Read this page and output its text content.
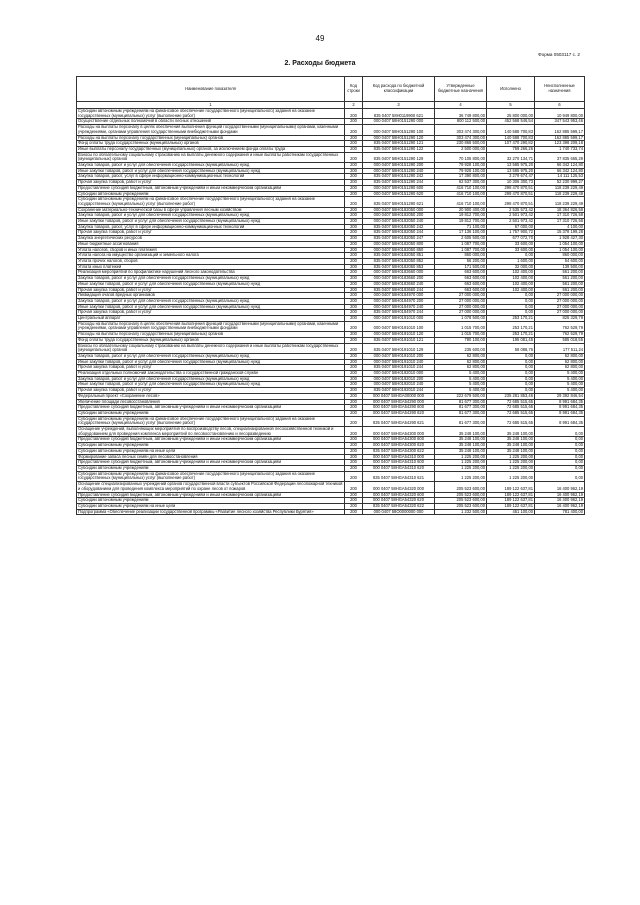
49
Форма 0503117 с. 2
2. Расходы бюджета
Наименование показателя	Код строки	Код расхода по бюджетной классификации	Утвержденные бюджетные назначения	Исполнено	Неисполненные назначения
1	2	3	4	5	6
Субсидии автономным учреждениям на финансовое обеспечение государственного (муниципального) задания на оказание государственных (муниципальных) услуг (выполнение работ)	200	835 0407 58Н0119900 621	36 749 800,00	25 800 000,00	10 949 800,00
Осуществление отдельных полномочий в области лесных отношений	200	000 0407 58Н0151290 000	800 112 500,00	452 568 546,54	347 543 953,46
Расходы на выплаты персоналу в целях обеспечения выполнения функций государственными (муниципальными) органами, казенными учреждениями, органами управления государственными внебюджетными фондами	200	000 0407 58Н0151290 100	303 474 300,00	140 588 700,83	162 885 599,17
Расходы на выплаты персоналу государственных (муниципальных) органов	200	000 0407 58Н0151290 120	303 474 300,00	140 588 700,83	162 885 599,17
Фонд оплаты труда государственных (муниципальных) органов	200	835 0407 58Н0151290 121	230 868 500,00	107 470 290,82	123 398 209,18
Иные выплаты персоналу государственных (муниципальных) органов, за исключением фонда оплаты труда	200	835 0407 58Н0151290 122	2 500 000,00	759 266,26	1 740 733,74
Взносы по обязательному социальному страхованию на выплаты денежного содержания и иные выплаты работникам государственных (муниципальных) органов	200	835 0407 58Н0151290 129	70 105 800,00	32 270 134,71	37 835 665,29
Закупка товаров, работ и услуг для обеспечения государственных (муниципальных) нужд	200	000 0407 58Н0151290 200	79 928 100,00	13 585 975,20	66 342 124,80
Иные закупки товаров, работ и услуг для обеспечения государственных (муниципальных) нужд	200	000 0407 58Н0151290 240	79 928 100,00	13 585 975,20	66 342 124,80
Закупка товаров, работ, услуг в сфере информационно-коммуникационных технологий	200	835 0407 58Н0151290 242	17 390 800,00	3 279 674,47	14 111 125,53
Прочая закупка товаров, работ и услуг	200	835 0407 58Н0151290 244	62 537 300,00	10 306 300,73	52 230 999,27
Предоставление субсидий бюджетным, автономным учреждениям и иным некоммерческим организациям	200	000 0407 58Н0151290 600	416 710 100,00	298 470 870,51	118 239 229,49
Субсидии автономным учреждениям	200	000 0407 58Н0151290 620	416 710 100,00	298 470 870,51	118 239 229,49
Субсидии автономным учреждениям на финансовое обеспечение государственного (муниципального) задания на оказание государственных (муниципальных) услуг (выполнение работ)	200	835 0407 58Н0151290 621	416 710 100,00	298 470 870,51	118 239 229,49
Сохранение материально-технической базы в сфере управления лесным хозяйством	200	000 0407 58Н0182050 000	20 900 400,00	2 535 573,42	18 364 826,58
Закупка товаров, работ и услуг для обеспечения государственных (муниципальных) нужд	200	000 0407 58Н0182050 200	19 812 700,00	2 501 973,42	17 310 726,58
Иные закупки товаров, работ и услуг для обеспечения государственных (муниципальных) нужд	200	000 0407 58Н0182050 240	19 812 700,00	2 501 973,42	17 310 726,58
Закупка товаров, работ, услуг в сфере информационно-коммуникационных технологий	200	835 0407 58Н0182050 242	71 100,00	67 000,00	4 100,00
Прочая закупка товаров, работ и услуг	200	835 0407 58Н0182050 244	17 136 100,00	1 757 900,72	15 378 199,28
Закупка энергетических ресурсов	200	835 0407 58Н0182050 247	2 605 500,00	677 072,70	1 928 427,30
Иные бюджетные ассигнования	200	000 0407 58Н0182050 800	1 087 700,00	33 600,00	1 054 100,00
Уплата налогов, сборов и иных платежей	200	000 0407 58Н0182050 850	1 087 700,00	33 600,00	1 054 100,00
Уплата налога на имущество организаций и земельного налога	200	835 0407 58Н0182050 851	860 000,00	0,00	860 000,00
Уплата прочих налогов, сборов	200	835 0407 58Н0182050 852	56 200,00	1 600,00	54 600,00
Уплата иных платежей	200	835 0407 58Н0182050 853	171 500,00	32 000,00	139 500,00
Реализация мероприятий по профилактике нарушений лесного законодательства	200	000 0407 58Н0183660 000	663 600,00	102 400,00	561 200,00
Закупка товаров, работ и услуг для обеспечения государственных (муниципальных) нужд	200	000 0407 58Н0183660 200	663 600,00	102 400,00	561 200,00
Иные закупки товаров, работ и услуг для обеспечения государственных (муниципальных) нужд	200	000 0407 58Н0183660 240	663 600,00	102 400,00	561 200,00
Прочая закупка товаров, работ и услуг	200	835 0407 58Н0183660 244	663 600,00	102 400,00	561 200,00
Ликвидация очагов вредных организмов	200	000 0407 58Н0184970 000	27 000 000,00	0,00	27 000 000,00
Закупка товаров, работ и услуг для обеспечения государственных (муниципальных) нужд	200	000 0407 58Н0184970 200	27 000 000,00	0,00	27 000 000,00
Иные закупки товаров, работ и услуг для обеспечения государственных (муниципальных) нужд	200	000 0407 58Н0184970 240	27 000 000,00	0,00	27 000 000,00
Прочая закупка товаров, работ и услуг	200	835 0407 58Н0184970 244	27 000 000,00	0,00	27 000 000,00
Центральный аппарат	200	000 0407 58Н0191010 000	1 078 500,00	253 170,21	825 329,79
Расходы на выплаты персоналу в целях обеспечения выполнения функций государственными (муниципальными) органами, казенными учреждениями, органами управления государственными внебюджетными фондами	200	000 0407 58Н0191010 100	1 015 700,00	253 170,21	762 529,79
Расходы на выплаты персоналу государственных (муниципальных) органов	200	000 0407 58Н0191010 120	1 015 700,00	253 170,21	762 529,79
Фонд оплаты труда государственных (муниципальных) органов	200	835 0407 58Н0191010 121	780 100,00	195 081,45	585 018,55
Взносы по обязательному социальному страхованию на выплаты денежного содержания и иные выплаты работникам государственных (муниципальных) органов	200	835 0407 58Н0191010 129	235 600,00	58 088,76	177 511,24
Закупка товаров, работ и услуг для обеспечения государственных (муниципальных) нужд	200	000 0407 58Н0191010 200	62 800,00	0,00	62 800,00
Иные закупки товаров, работ и услуг для обеспечения государственных (муниципальных) нужд	200	000 0407 58Н0191010 240	62 800,00	0,00	62 800,00
Прочая закупка товаров, работ и услуг	200	835 0407 58Н0191010 244	62 800,00	0,00	62 800,00
Реализация отдельных полномочий законодательства о государственной гражданской службе	200	000 0407 58Н0192010 000	5 400,00	0,00	5 400,00
Закупка товаров, работ и услуг для обеспечения государственных (муниципальных) нужд	200	000 0407 58Н0192010 200	5 400,00	0,00	5 400,00
Иные закупки товаров, работ и услуг для обеспечения государственных (муниципальных) нужд	200	000 0407 58Н0192010 240	5 400,00	0,00	5 400,00
Прочая закупка товаров, работ и услуг	200	835 0407 58Н0192010 244	5 400,00	0,00	5 400,00
Федеральный проект «Сохранение лесов»	200	000 0407 58НGA00000 000	222 679 500,00	235 281 853,46	29 392 846,54
Увеличение площади лесовосстановления	200	000 0407 58НGA54290 000	81 677 300,00	72 685 515,65	8 991 684,35
Предоставление субсидий бюджетным, автономным учреждениям и иным некоммерческим организациям	200	000 0407 58НGA54290 600	81 677 300,00	72 685 515,65	8 991 684,35
Субсидии автономным учреждениям	200	000 0407 58НGA54290 620	81 677 300,00	72 685 515,65	8 991 684,35
Субсидии автономным учреждениям на финансовое обеспечение государственного (муниципального) задания на оказание государственных (муниципальных) услуг (выполнение работ)	200	835 0407 58НGA54290 621	81 677 300,00	72 685 515,65	8 991 684,35
Оснащение учреждений, выполняющих мероприятия по воспроизводству лесов, специализированной лесохозяйственной техникой и оборудованием для проведения комплекса мероприятий по лесовосстановлению и лесоразведению	200	000 0407 58НGA54300 000	35 248 100,00	35 248 100,00	0,00
Предоставление субсидий бюджетным, автономным учреждениям и иным некоммерческим организациям	200	000 0407 58НGA54300 600	35 248 100,00	35 248 100,00	0,00
Субсидии автономным учреждениям	200	000 0407 58НGA54300 620	35 248 100,00	35 248 100,00	0,00
Субсидии автономным учреждениям на иные цели	200	835 0407 58НGA54300 622	35 248 100,00	35 248 100,00	0,00
Формирование запаса лесных семян для лесовосстановления	200	000 0407 58НGA54310 000	1 225 200,00	1 225 200,00	0,00
Предоставление субсидий бюджетным, автономным учреждениям и иным некоммерческим организациям	200	000 0407 58НGA54310 600	1 225 200,00	1 225 200,00	0,00
Субсидии автономным учреждениям	200	000 0407 58НGA54310 620	1 225 200,00	1 225 200,00	0,00
Субсидии автономным учреждениям на финансовое обеспечение государственного (муниципального) задания на оказание государственных (муниципальных) услуг (выполнение работ)	200	835 0407 58НGA54310 621	1 225 200,00	1 225 200,00	0,00
Оснащение специализированных учреждений органов государственной власти субъектов Российской Федерации лесопожарной техникой и оборудованием для проведения комплекса мероприятий по охране лесов от пожаров	200	000 0407 58НGA54320 000	205 523 600,00	189 122 637,81	16 400 962,19
Предоставление субсидий бюджетным, автономным учреждениям и иным некоммерческим организациям	200	000 0407 58НGA54320 600	205 523 600,00	189 122 637,81	16 400 962,19
Субсидии автономным учреждениям	200	000 0407 58НGA54320 620	205 523 600,00	189 122 637,81	16 400 962,19
Субсидии автономным учреждениям на иные цели	200	835 0407 58НGA54320 622	205 523 600,00	189 122 637,81	16 400 962,19
Подпрограмма «Обеспечение реализации государственной программы «Развитие лесного хозяйства Республики Бурятия»	200	000 0407 58О0000000 000	1 232 500,00	451 100,00	781 400,00
